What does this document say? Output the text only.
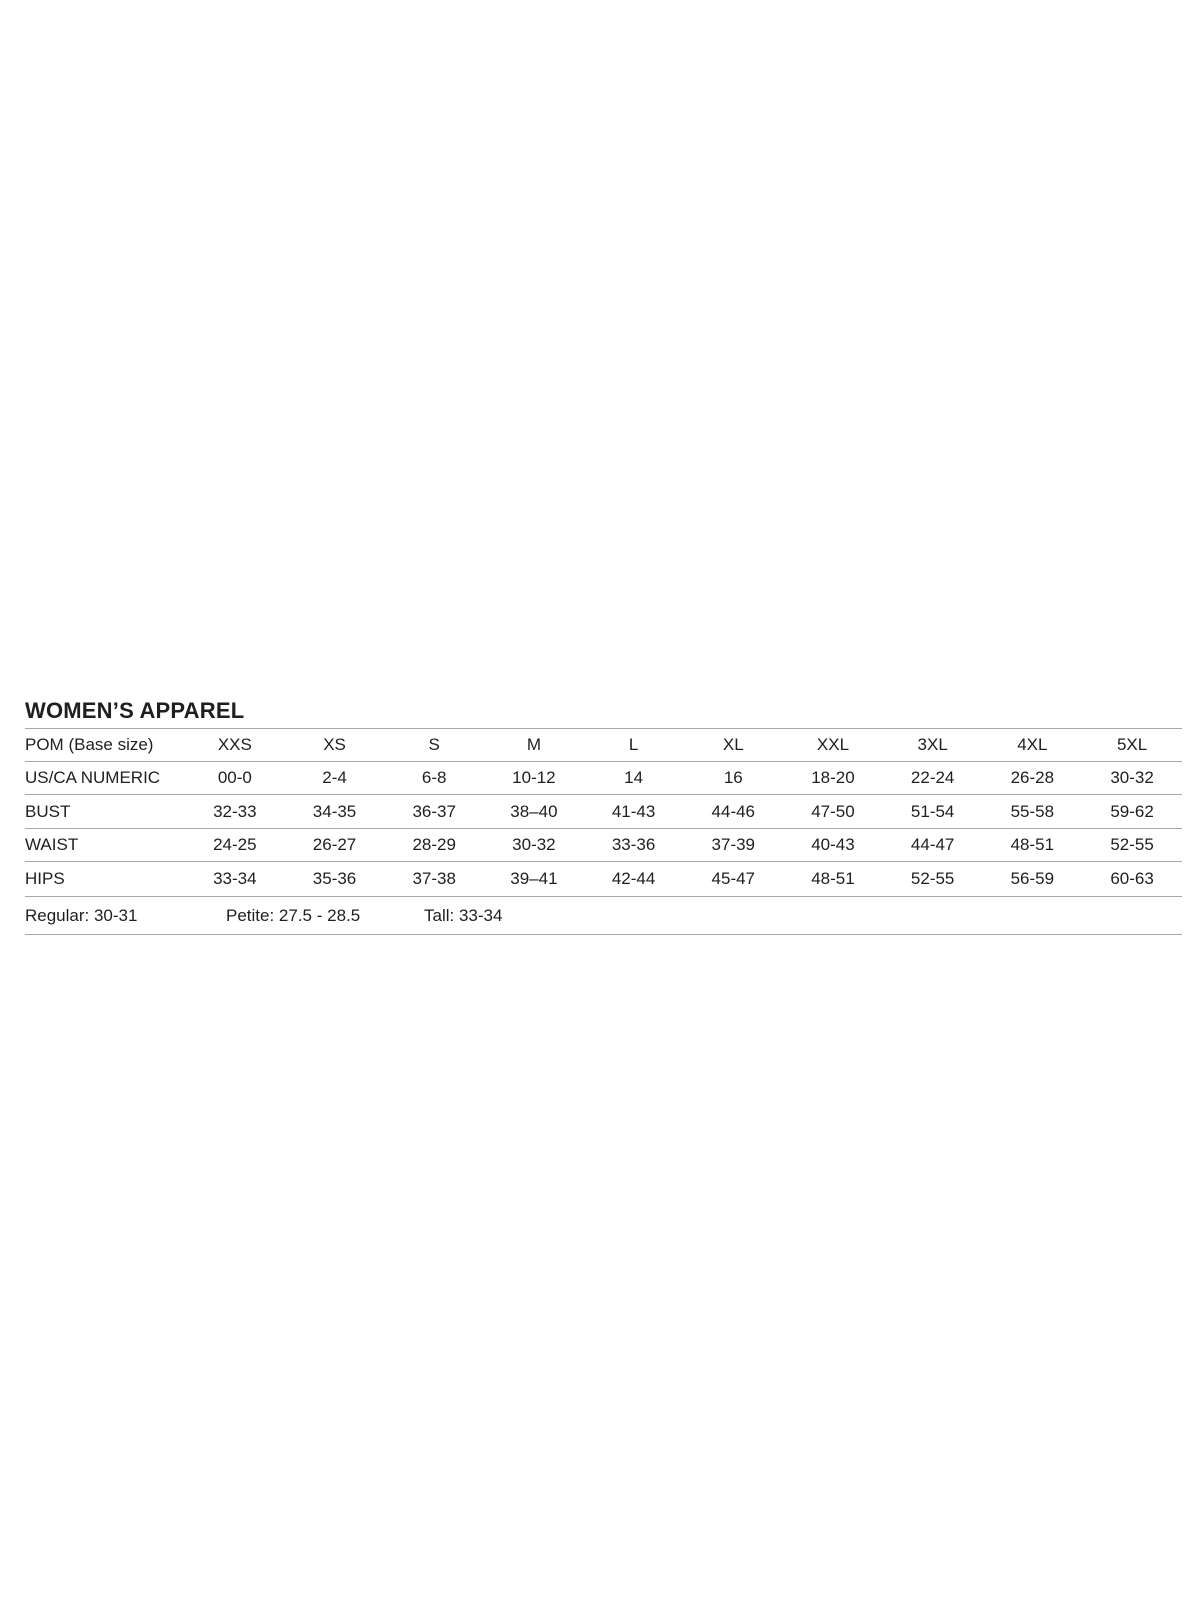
WOMEN’S APPAREL
POM (Base size)	XXS	XS	S	M	L	XL	XXL	3XL	4XL	5XL
US/CA NUMERIC	00-0	2-4	6-8	10-12	14	16	18-20	22-24	26-28	30-32
BUST	32-33	34-35	36-37	38–40	41-43	44-46	47-50	51-54	55-58	59-62
WAIST	24-25	26-27	28-29	30-32	33-36	37-39	40-43	44-47	48-51	52-55
HIPS	33-34	35-36	37-38	39–41	42-44	45-47	48-51	52-55	56-59	60-63
Regular: 30-31	Petite: 27.5 - 28.5	Tall: 33-34
